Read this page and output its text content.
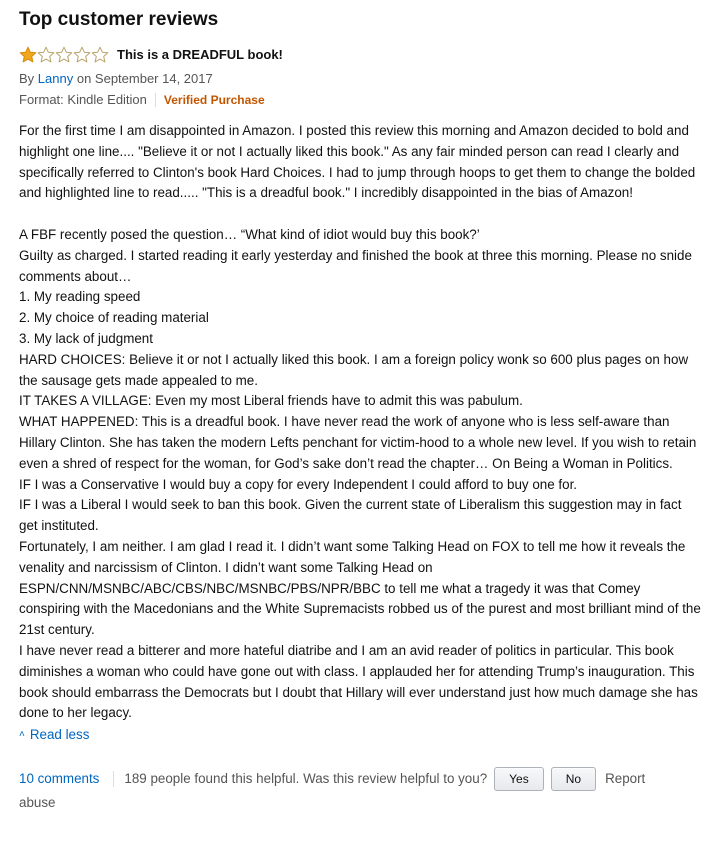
Top customer reviews
This is a DREADFUL book!
By Lanny on September 14, 2017
Format: Kindle Edition Verified Purchase

For the first time I am disappointed in Amazon. I posted this review this morning and Amazon decided to bold and highlight one line.... "Believe it or not I actually liked this book." As any fair minded person can read I clearly and specifically referred to Clinton's book Hard Choices. I had to jump through hoops to get them to change the bolded and highlighted line to read..... "This is a dreadful book." I incredibly disappointed in the bias of Amazon!

A FBF recently posed the question… “What kind of idiot would buy this book?’

Guilty as charged. I started reading it early yesterday and finished the book at three this morning. Please no snide comments about…

1. My reading speed

2. My choice of reading material

3. My lack of judgment

HARD CHOICES: Believe it or not I actually liked this book. I am a foreign policy wonk so 600 plus pages on how the sausage gets made appealed to me.

IT TAKES A VILLAGE: Even my most Liberal friends have to admit this was pabulum.

WHAT HAPPENED: This is a dreadful book. I have never read the work of anyone who is less self-aware than Hillary Clinton. She has taken the modern Lefts penchant for victim-hood to a whole new level. If you wish to retain even a shred of respect for the woman, for God’s sake don’t read the chapter… On Being a Woman in Politics.

IF I was a Conservative I would buy a copy for every Independent I could afford to buy one for.

IF I was a Liberal I would seek to ban this book. Given the current state of Liberalism this suggestion may in fact get instituted.

Fortunately, I am neither. I am glad I read it. I didn’t want some Talking Head on FOX to tell me how it reveals the venality and narcissism of Clinton. I didn’t want some Talking Head on ESPN/CNN/MSNBC/ABC/CBS/NBC/MSNBC/PBS/NPR/BBC to tell me what a tragedy it was that Comey conspiring with the Macedonians and the White Supremacists robbed us of the purest and most brilliant mind of the 21st century.

I have never read a bitterer and more hateful diatribe and I am an avid reader of politics in particular. This book diminishes a woman who could have gone out with class. I applauded her for attending Trump’s inauguration. This book should embarrass the Democrats but I doubt that Hillary will ever understand just how much damage she has done to her legacy.

˄ Read less
10 comments 189 people found this helpful. Was this review helpful to you?	Yes	No	Report
abuse
